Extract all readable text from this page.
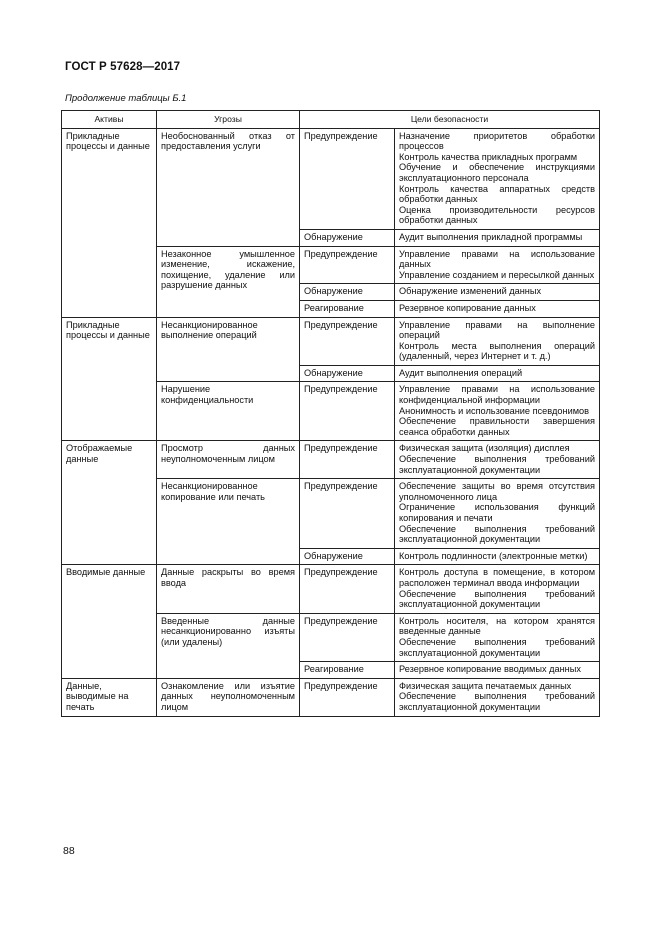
ГОСТ Р 57628—2017
Продолжение таблицы Б.1
Активы	Угрозы	Цели безопасности	
Прикладные процессы и данные	Необоснованный отказ от предоставления услуги	Предупреждение	Назначение приоритетов обработки процессов
Контроль качества прикладных программ
Обучение и обеспечение инструкциями эксплуатационного персонала
Контроль качества аппаратных средств обработки данных
Оценка производительности ресурсов обработки данных

		Обнаружение	Аудит выполнения прикладной программы

	Незаконное умышленное изменение, искажение, похищение, удаление или разрушение данных	Предупреждение	Управление правами на использование данных
Управление созданием и пересылкой данных

		Обнаружение	Обнаружение изменений данных

		Реагирование	Резервное копирование данных

Прикладные процессы и данные	Несанкционированное выполнение операций	Предупреждение	Управление правами на выполнение операций
Контроль места выполнения операций (удаленный, через Интернет и т. д.)

		Обнаружение	Аудит выполнения операций

	Нарушение конфиденциальности	Предупреждение	Управление правами на использование конфиденциальной информации
Анонимность и использование псевдонимов
Обеспечение правильности завершения сеанса обработки данных

Отображаемые данные	Просмотр данных неуполномоченным лицом	Предупреждение	Физическая защита (изоляция) дисплея
Обеспечение выполнения требований эксплуатационной документации

	Несанкционированное копирование или печать	Предупреждение	Обеспечение защиты во время отсутствия уполномоченного лица
Ограничение использования функций копирования и печати
Обеспечение выполнения требований эксплуатационной документации

		Обнаружение	Контроль подлинности (электронные метки)

Вводимые данные	Данные раскрыты во время ввода	Предупреждение	Контроль доступа в помещение, в котором расположен терминал ввода информации
Обеспечение выполнения требований эксплуатационной документации

	Введенные данные несанкционированно изъяты (или удалены)	Предупреждение	Контроль носителя, на котором хранятся введенные данные
Обеспечение выполнения требований эксплуатационной документации

		Реагирование	Резервное копирование вводимых данных

Данные, выводимые на печать	Ознакомление или изъятие данных неуполномоченным лицом	Предупреждение	Физическая защита печатаемых данных
Обеспечение выполнения требований эксплуатационной документации
88
